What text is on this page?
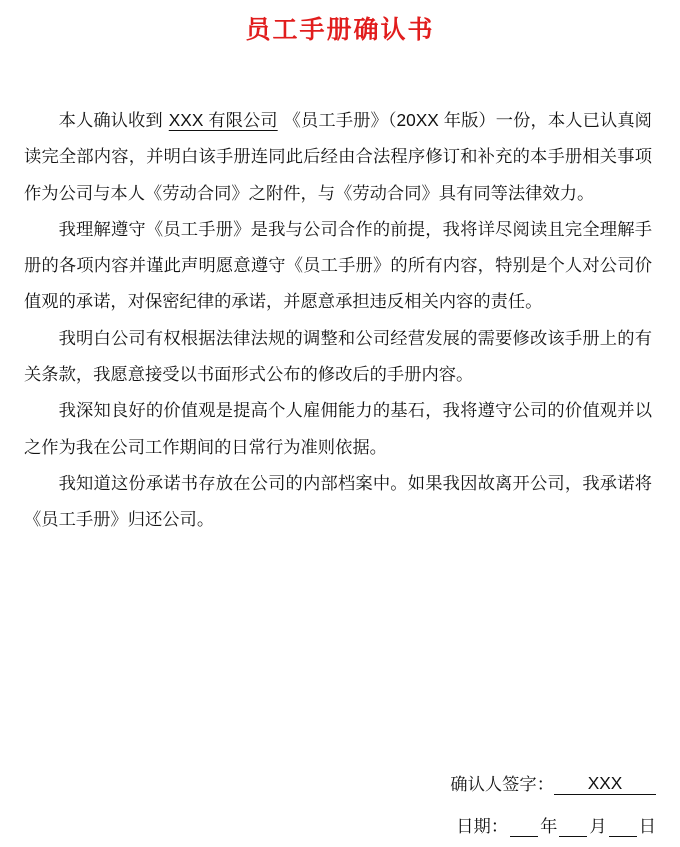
员工手册确认书

本人确认收到 XXX 有限公司 《员工手册》（20XX 年版）一份，本人已认真阅读完全部内容，并明白该手册连同此后经由合法程序修订和补充的本手册相关事项作为公司与本人《劳动合同》之附件，与《劳动合同》具有同等法律效力。

我理解遵守《员工手册》是我与公司合作的前提，我将详尽阅读且完全理解手册的各项内容并谨此声明愿意遵守《员工手册》的所有内容，特别是个人对公司价值观的承诺，对保密纪律的承诺，并愿意承担违反相关内容的责任。

我明白公司有权根据法律法规的调整和公司经营发展的需要修改该手册上的有关条款，我愿意接受以书面形式公布的修改后的手册内容。

我深知良好的价值观是提高个人雇佣能力的基石，我将遵守公司的价值观并以之作为我在公司工作期间的日常行为准则依据。

我知道这份承诺书存放在公司的内部档案中。如果我因故离开公司，我承诺将《员工手册》归还公司。

确认人签字：	XXX
日期： 年 月 日
